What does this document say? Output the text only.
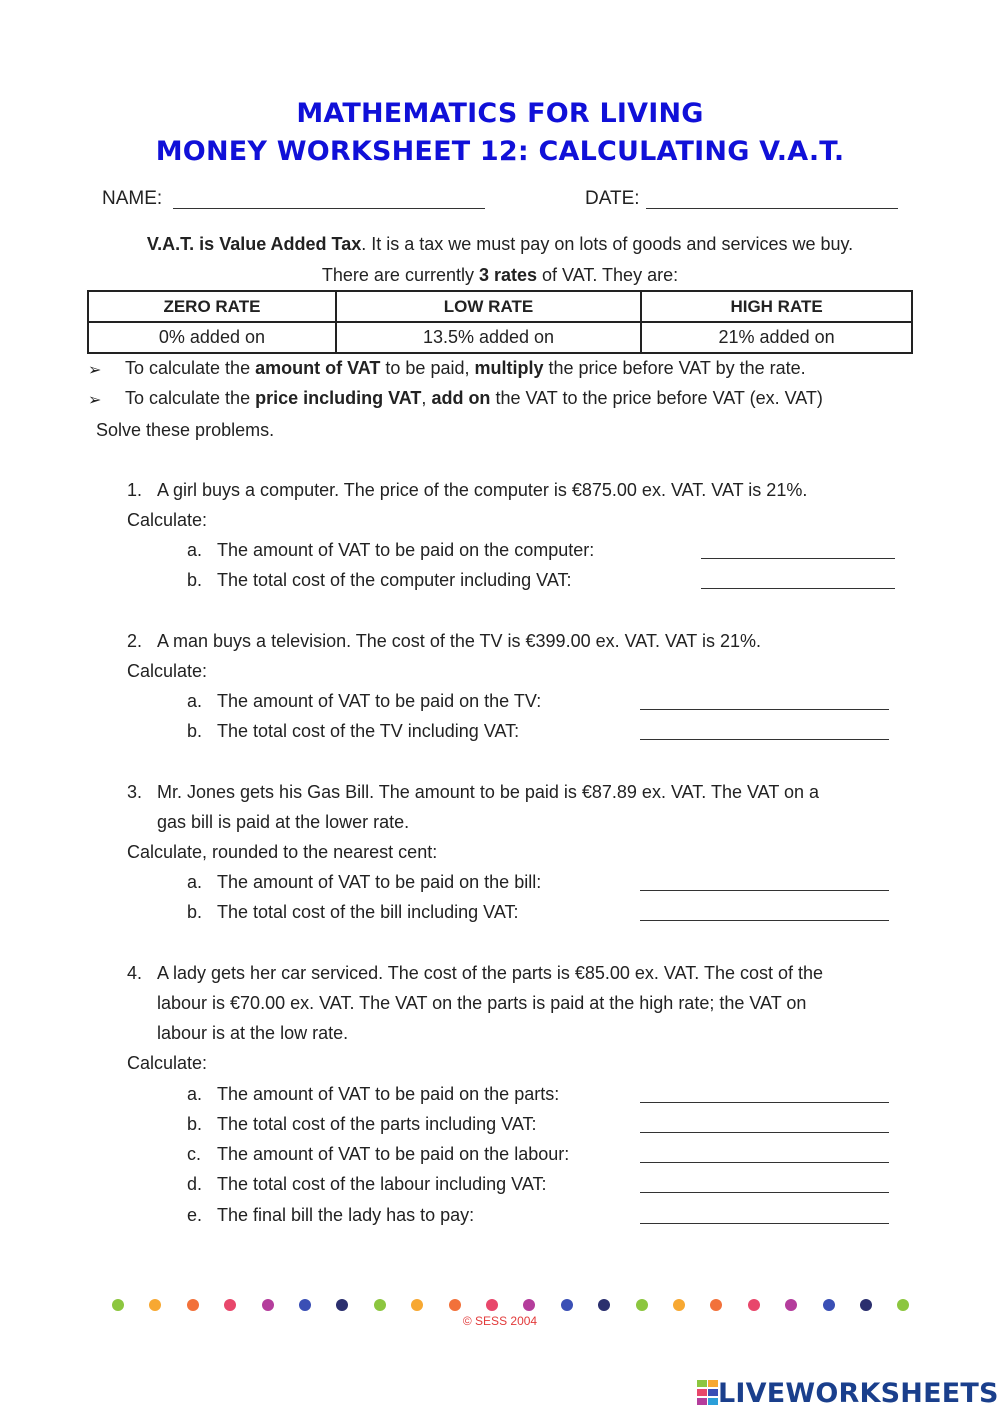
MATHEMATICS FOR LIVING
MONEY WORKSHEET 12: CALCULATING V.A.T.
NAME:	DATE:
V.A.T. is Value Added Tax. It is a tax we must pay on lots of goods and services we buy.
There are currently 3 rates of VAT. They are:
ZERO RATE	LOW RATE	HIGH RATE
0% added on	13.5% added on	21% added on
➢ To calculate the amount of VAT to be paid, multiply the price before VAT by the rate.
➢ To calculate the price including VAT, add on the VAT to the price before VAT (ex. VAT)
Solve these problems.
1. A girl buys a computer. The price of the computer is €875.00 ex. VAT. VAT is 21%.
Calculate:
a. The amount of VAT to be paid on the computer:
b. The total cost of the computer including VAT:
2. A man buys a television. The cost of the TV is €399.00 ex. VAT. VAT is 21%.
Calculate:
a. The amount of VAT to be paid on the TV:
b. The total cost of the TV including VAT:
3. Mr. Jones gets his Gas Bill. The amount to be paid is €87.89 ex. VAT. The VAT on a
gas bill is paid at the lower rate.
Calculate, rounded to the nearest cent:
a. The amount of VAT to be paid on the bill:
b. The total cost of the bill including VAT:
4. A lady gets her car serviced. The cost of the parts is €85.00 ex. VAT. The cost of the
labour is €70.00 ex. VAT. The VAT on the parts is paid at the high rate; the VAT on
labour is at the low rate.
Calculate:
a. The amount of VAT to be paid on the parts:
b. The total cost of the parts including VAT:
c. The amount of VAT to be paid on the labour:
d. The total cost of the labour including VAT:
e. The final bill the lady has to pay:
© SESS 2004
LIVEWORKSHEETS
